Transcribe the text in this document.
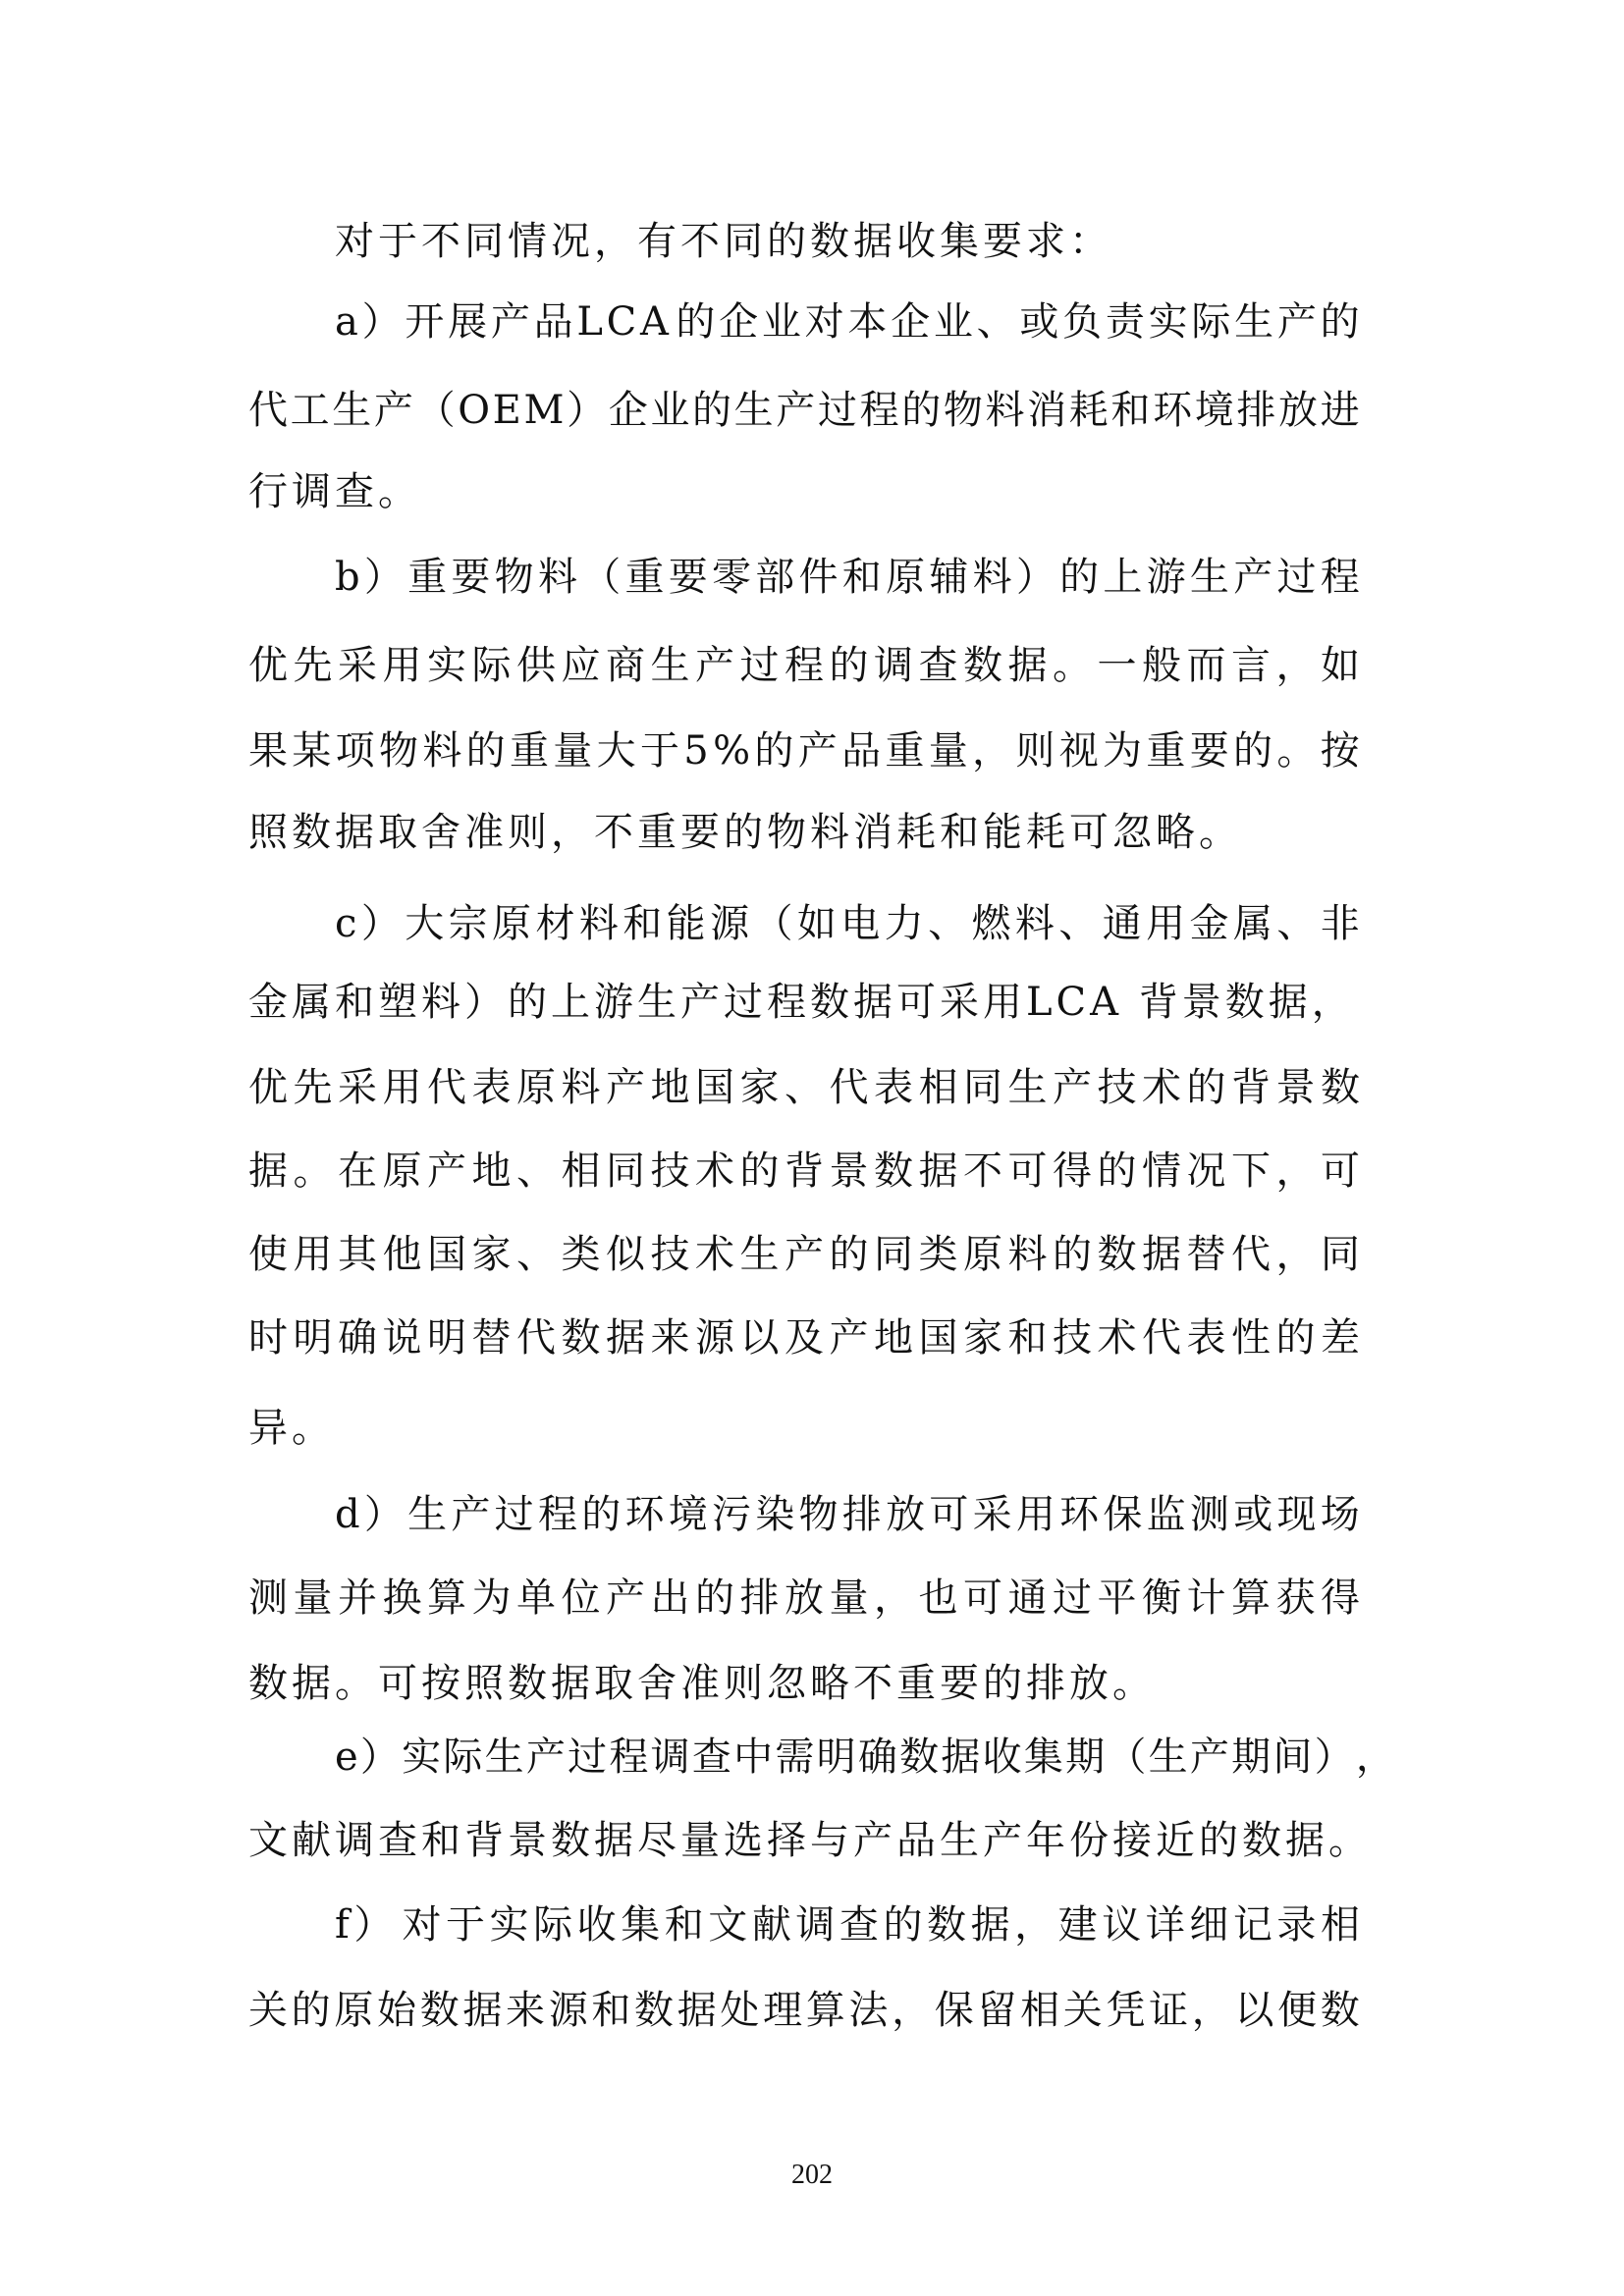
对于不同情况，有不同的数据收集要求：
a ） 开 展 产 品 L C A 的 企 业 对 本 企 业 、 或 负 责 实 际 生 产 的
代 工 生 产 （ O E M ） 企 业 的 生 产 过 程 的 物 料 消 耗 和 环 境 排 放 进
行调查。
b ） 重 要 物 料 （ 重 要 零 部 件 和 原 辅 料 ） 的 上 游 生 产 过 程
优 先 采 用 实 际 供 应 商 生 产 过 程 的 调 查 数 据 。 一 般 而 言 ， 如
果 某 项 物 料 的 重 量 大 于 5 % 的 产 品 重 量 ， 则 视 为 重 要 的 。 按
照数据取舍准则，不重要的物料消耗和能耗可忽略。
c ） 大 宗 原 材 料 和 能 源 （ 如 电 力 、 燃 料 、 通 用 金 属 、 非
金属和塑料）的上游生产过程数据可采用LCA 背景数据，
优 先 采 用 代 表 原 料 产 地 国 家 、 代 表 相 同 生 产 技 术 的 背 景 数
据 。 在 原 产 地 、 相 同 技 术 的 背 景 数 据 不 可 得 的 情 况 下 ， 可
使 用 其 他 国 家 、 类 似 技 术 生 产 的 同 类 原 料 的 数 据 替 代 ， 同
时 明 确 说 明 替 代 数 据 来 源 以 及 产 地 国 家 和 技 术 代 表 性 的 差
异。
d ） 生 产 过 程 的 环 境 污 染 物 排 放 可 采 用 环 保 监 测 或 现 场
测 量 并 换 算 为 单 位 产 出 的 排 放 量 ， 也 可 通 过 平 衡 计 算 获 得
数据。可按照数据取舍准则忽略不重要的排放。
e ） 实 际 生 产 过 程 调 查 中 需 明 确 数 据 收 集 期 （ 生 产 期 间 ） ，
文 献 调 查 和 背 景 数 据 尽 量 选 择 与 产 品 生 产 年 份 接 近 的 数 据 。
f ） 对 于 实 际 收 集 和 文 献 调 查 的 数 据 ， 建 议 详 细 记 录 相
关 的 原 始 数 据 来 源 和 数 据 处 理 算 法 ， 保 留 相 关 凭 证 ， 以 便 数
202
